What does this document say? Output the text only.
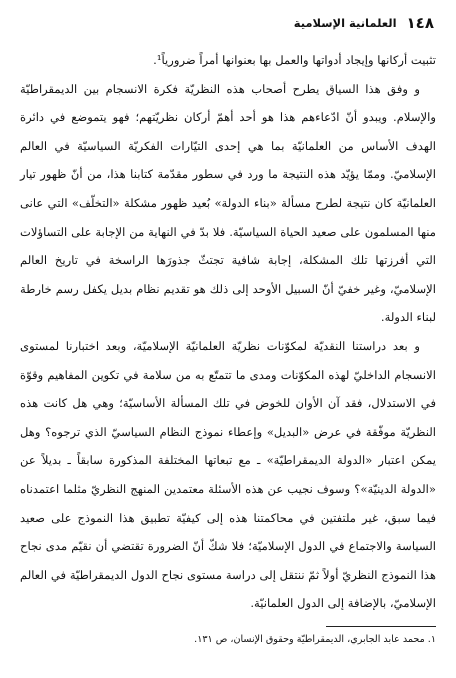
١٤٨
العلمانية الإسلامية

تثبيت أركانها وإيجاد أدواتها والعمل بها بعنوانها أمراً ضرورياً¹.

و وفق هذا السياق يطرح أصحاب هذه النظريّة فكرة الانسجام بين الديمقراطيّة والإسلام. ويبدو أنّ ادّعاءهم هذا هو أحد أهمّ أركان نظريّتهم؛ فهو يتموضع في دائرة الهدف الأساس من العلمانيّة بما هي إحدى التيّارات الفكريّة السياسيّة في العالم الإسلاميّ. وممّا يؤيّد هذه النتيجة ما ورد في سطور مقدّمة كتابنا هذا، من أنّ ظهور تيار العلمانيّة كان نتيجة لطرح مسألة «بناء الدولة» بُعيد ظهور مشكلة «التخلّف» التي عانى منها المسلمون على صعيد الحياة السياسيّة. فلا بدّ في النهاية من الإجابة على التساؤلات التي أفرزتها تلك المشكلة، إجابة شافية تجتثّ جذورَها الراسخة في تاريخ العالم الإسلاميّ، وغير خفيّ أنّ السبيل الأوحد إلى ذلك هو تقديم نظام بديل يكفل رسم خارطة لبناء الدولة.

و بعد دراستنا النقديّة لمكوّنات نظريّة العلمانيّة الإسلاميّة، وبعد اختبارنا لمستوى الانسجام الداخليّ لهذه المكوّنات ومدى ما تتمتّع به من سلامة في تكوين المفاهيم وقوّة في الاستدلال، فقد آن الأوان للخوض في تلك المسألة الأساسيّة؛ وهي هل كانت هذه النظريّة موفّقة في عرض «البديل» وإعطاء نموذج النظام السياسيّ الذي ترجوه؟ وهل يمكن اعتبار «الدولة الديمقراطيّة» ـ مع تبعاتها المختلفة المذكورة سابقاً ـ بديلاً عن «الدولة الدينيّة»؟ وسوف نجيب عن هذه الأسئلة معتمدين المنهج النظريّ مثلما اعتمدناه فيما سبق، غير ملتفتين في محاكمتنا هذه إلى كيفيّة تطبيق هذا النموذج على صعيد السياسة والاجتماع في الدول الإسلاميّة؛ فلا شكّ أنّ الضرورة تقتضي أن نقيّم مدى نجاح هذا النموذج النظريّ أولاً ثمّ ننتقل إلى دراسة مستوى نجاح الدول الديمقراطيّة في العالم الإسلاميّ، بالإضافة إلى الدول العلمانيّة.

١. محمد عابد الجابري، الديمقراطيّة وحقوق الإنسان، ص ١٣١.
